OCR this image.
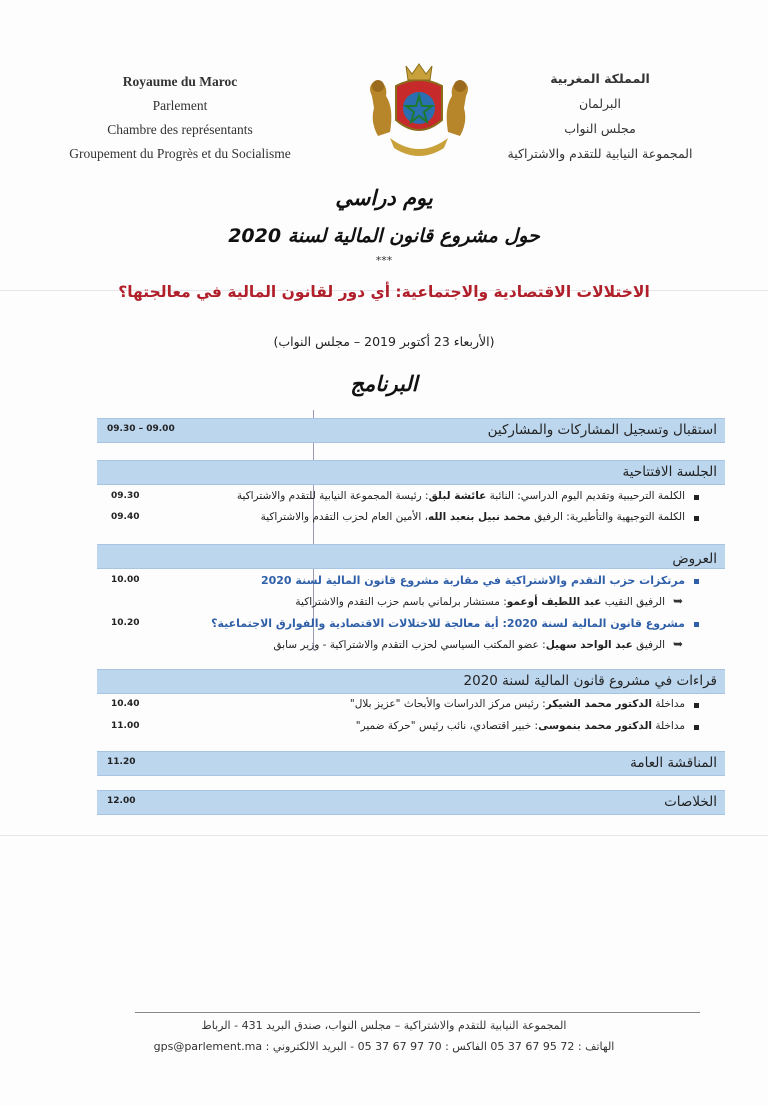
Royaume du Maroc
Parlement
Chambre des représentants
Groupement du Progrès et du Socialisme
المملكة المغربية
البرلمان
مجلس النواب
المجموعة النيابية للتقدم والاشتراكية
يوم دراسي
حول مشروع قانون المالية لسنة 2020
***
الاختلالات الاقتصادية والاجتماعية: أي دور لقانون المالية في معالجتها؟
(الأربعاء 23 أكتوبر 2019 – مجلس النواب)
البرنامج
استقبال وتسجيل المشاركات والمشاركين
09.30 – 09.00
الجلسة الافتتاحية
الكلمة الترحيبية وتقديم اليوم الدراسي: النائبة عائشة لبلق: رئيسة المجموعة النيابية للتقدم والاشتراكية
09.30
الكلمة التوجيهية والتأطيرية: الرفيق محمد نبيل بنعبد الله، الأمين العام لحزب التقدم والاشتراكية
09.40
العروض
مرتكزات حزب التقدم والاشتراكية في مقاربة مشروع قانون المالية لسنة 2020
10.00
➥
الرفيق النقيب عبد اللطيف أوعمو: مستشار برلماني باسم حزب التقدم والاشتراكية
مشروع قانون المالية لسنة 2020: أية معالجة للاختلالات الاقتصادية والفوارق الاجتماعية؟
10.20
➥
الرفيق عبد الواحد سهيل: عضو المكتب السياسي لحزب التقدم والاشتراكية - وزير سابق
قراءات في مشروع قانون المالية لسنة 2020
مداخلة الدكتور محمد الشيكر: رئيس مركز الدراسات والأبحاث "عزيز بلال"
10.40
مداخلة الدكتور محمد بنموسى: خبير اقتصادي، نائب رئيس "حركة ضمير"
11.00
المناقشة العامة
11.20
الخلاصات
12.00
المجموعة النيابية للتقدم والاشتراكية – مجلس النواب، صندق البريد 431 - الرباط
الهاتف : 72 95 67 37 05 الفاكس : 70 97 67 37 05 - البريد الالكتروني : gps@parlement.ma
